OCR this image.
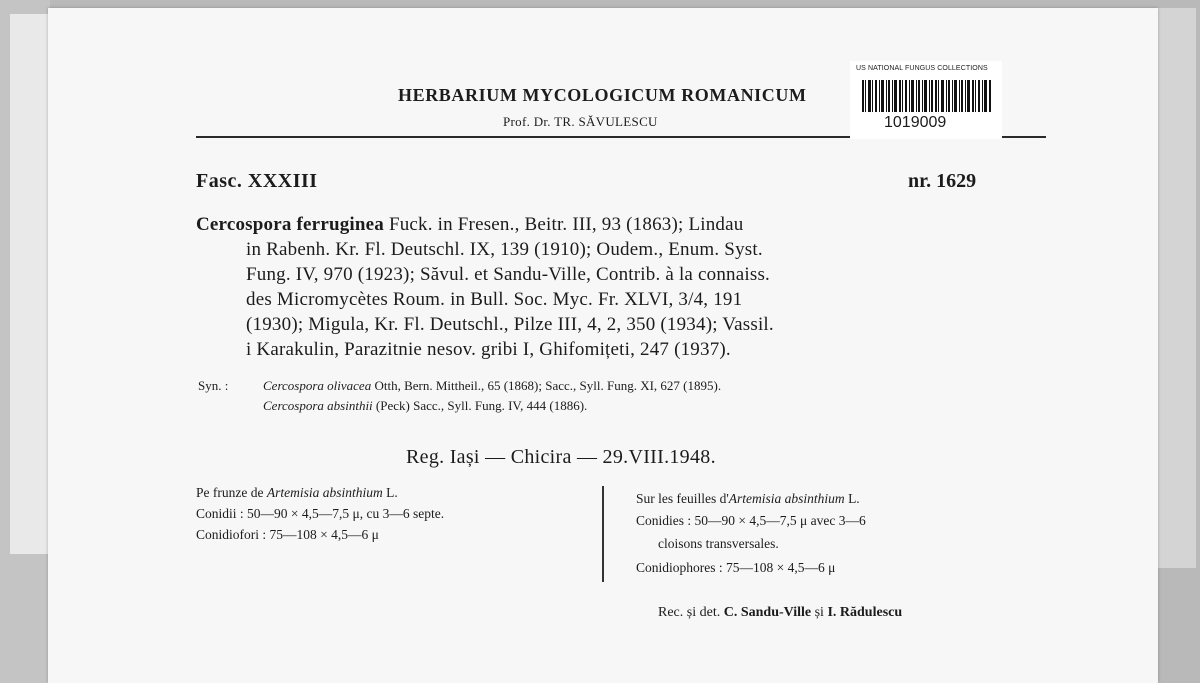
HERBARIUM MYCOLOGICUM ROMANICUM
Prof. Dr. TR. SĂVULESCU
US NATIONAL FUNGUS COLLECTIONS
1019009
Fasc. XXXIII	nr. 1629
Cercospora ferruginea Fuck. in Fresen., Beitr. III, 93 (1863); Lindau
in Rabenh. Kr. Fl. Deutschl. IX, 139 (1910); Oudem., Enum. Syst.
Fung. IV, 970 (1923); Săvul. et Sandu-Ville, Contrib. à la connaiss.
des Micromycètes Roum. in Bull. Soc. Myc. Fr. XLVI, 3/4, 191
(1930); Migula, Kr. Fl. Deutschl., Pilze III, 4, 2, 350 (1934); Vassil.
i Karakulin, Parazitnie nesov. gribi I, Ghifomițeti, 247 (1937).
Syn. :	Cercospora olivacea Otth, Bern. Mittheil., 65 (1868); Sacc., Syll. Fung. XI, 627 (1895).
Cercospora absinthii (Peck) Sacc., Syll. Fung. IV, 444 (1886).
Reg. Iași — Chicira — 29.VIII.1948.
Pe frunze de Artemisia absinthium L.
Conidii : 50—90 × 4,5—7,5 μ, cu 3—6 septe.
Conidiofori : 75—108 × 4,5—6 μ
Sur les feuilles d'Artemisia absinthium L.
Conidies : 50—90 × 4,5—7,5 μ avec 3—6
cloisons transversales.
Conidiophores : 75—108 × 4,5—6 μ
Rec. și det. C. Sandu-Ville și I. Rădulescu
